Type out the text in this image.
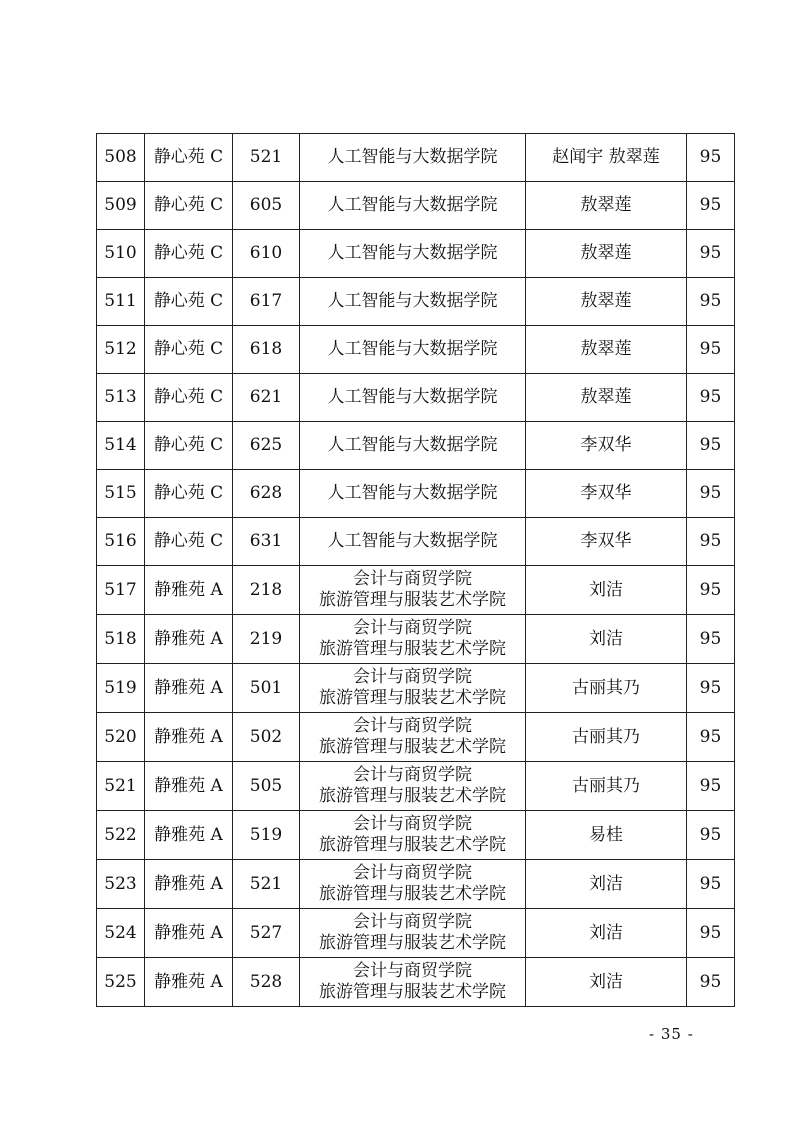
508	静心苑 C	521	人工智能与大数据学院	赵闻宇 敖翠莲	95
509	静心苑 C	605	人工智能与大数据学院	敖翠莲	95
510	静心苑 C	610	人工智能与大数据学院	敖翠莲	95
511	静心苑 C	617	人工智能与大数据学院	敖翠莲	95
512	静心苑 C	618	人工智能与大数据学院	敖翠莲	95
513	静心苑 C	621	人工智能与大数据学院	敖翠莲	95
514	静心苑 C	625	人工智能与大数据学院	李双华	95
515	静心苑 C	628	人工智能与大数据学院	李双华	95
516	静心苑 C	631	人工智能与大数据学院	李双华	95
517	静雅苑 A	218	会计与商贸学院
旅游管理与服装艺术学院	刘洁	95
518	静雅苑 A	219	会计与商贸学院
旅游管理与服装艺术学院	刘洁	95
519	静雅苑 A	501	会计与商贸学院
旅游管理与服装艺术学院	古丽其乃	95
520	静雅苑 A	502	会计与商贸学院
旅游管理与服装艺术学院	古丽其乃	95
521	静雅苑 A	505	会计与商贸学院
旅游管理与服装艺术学院	古丽其乃	95
522	静雅苑 A	519	会计与商贸学院
旅游管理与服装艺术学院	易桂	95
523	静雅苑 A	521	会计与商贸学院
旅游管理与服装艺术学院	刘洁	95
524	静雅苑 A	527	会计与商贸学院
旅游管理与服装艺术学院	刘洁	95
525	静雅苑 A	528	会计与商贸学院
旅游管理与服装艺术学院	刘洁	95
- 35 -
